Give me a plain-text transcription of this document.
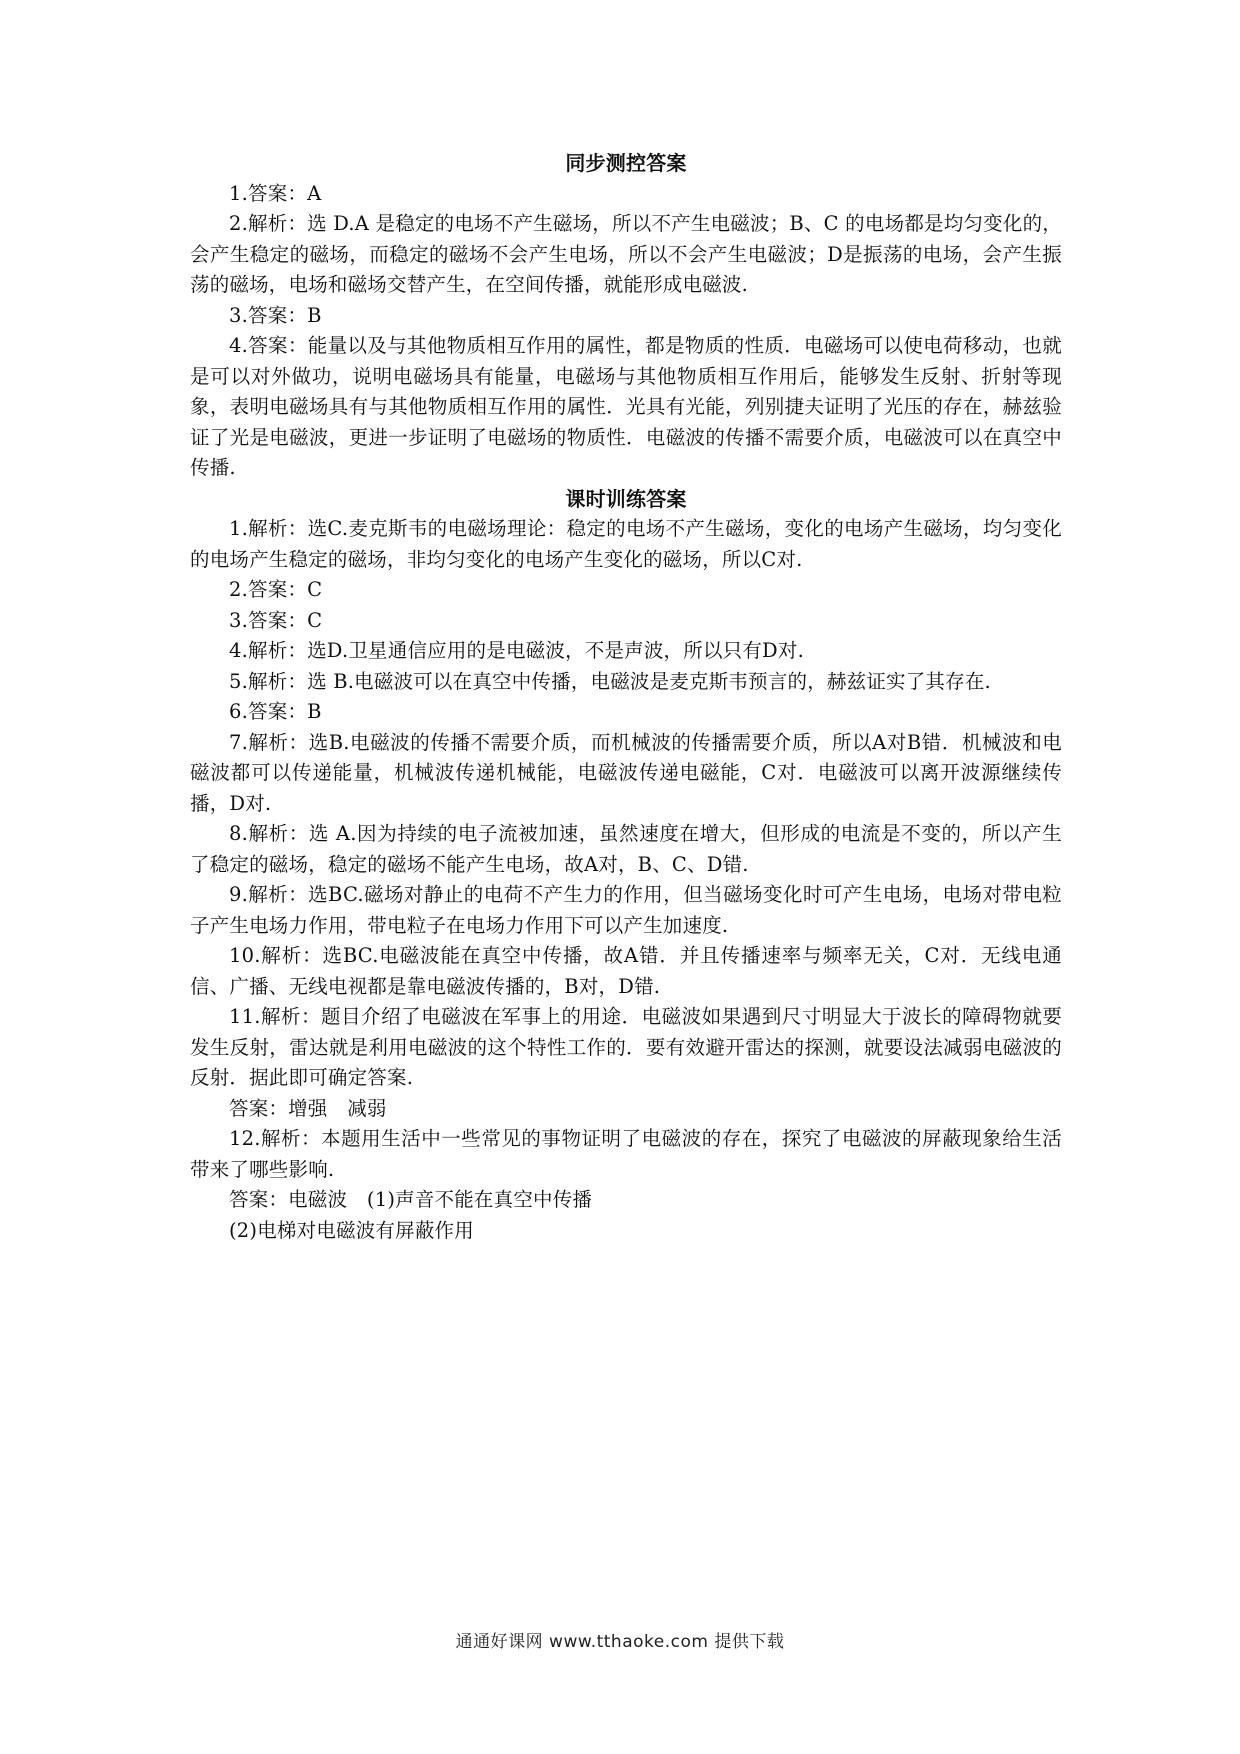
同步测控答案

1.答案：A

2.解析：选 D.A 是稳定的电场不产生磁场，所以不产生电磁波；B、C 的电场都是均匀变化的，会产生稳定的磁场，而稳定的磁场不会产生电场，所以不会产生电磁波；D是振荡的电场，会产生振荡的磁场，电场和磁场交替产生，在空间传播，就能形成电磁波.

3.答案：B

4.答案：能量以及与其他物质相互作用的属性，都是物质的性质．电磁场可以使电荷移动，也就是可以对外做功，说明电磁场具有能量，电磁场与其他物质相互作用后，能够发生反射、折射等现象，表明电磁场具有与其他物质相互作用的属性．光具有光能，列别捷夫证明了光压的存在，赫兹验证了光是电磁波，更进一步证明了电磁场的物质性．电磁波的传播不需要介质，电磁波可以在真空中传播.

课时训练答案

1.解析：选C.麦克斯韦的电磁场理论：稳定的电场不产生磁场，变化的电场产生磁场，均匀变化的电场产生稳定的磁场，非均匀变化的电场产生变化的磁场，所以C对.

2.答案：C

3.答案：C

4.解析：选D.卫星通信应用的是电磁波，不是声波，所以只有D对.

5.解析：选 B.电磁波可以在真空中传播，电磁波是麦克斯韦预言的，赫兹证实了其存在.

6.答案：B

7.解析：选B.电磁波的传播不需要介质，而机械波的传播需要介质，所以A对B错．机械波和电磁波都可以传递能量，机械波传递机械能，电磁波传递电磁能，C对．电磁波可以离开波源继续传播，D对.

8.解析：选 A.因为持续的电子流被加速，虽然速度在增大，但形成的电流是不变的，所以产生了稳定的磁场，稳定的磁场不能产生电场，故A对，B、C、D错.

9.解析：选BC.磁场对静止的电荷不产生力的作用，但当磁场变化时可产生电场，电场对带电粒子产生电场力作用，带电粒子在电场力作用下可以产生加速度.

10.解析：选BC.电磁波能在真空中传播，故A错．并且传播速率与频率无关，C对．无线电通信、广播、无线电视都是靠电磁波传播的，B对，D错.

11.解析：题目介绍了电磁波在军事上的用途．电磁波如果遇到尺寸明显大于波长的障碍物就要发生反射，雷达就是利用电磁波的这个特性工作的．要有效避开雷达的探测，就要设法减弱电磁波的反射．据此即可确定答案.

答案：增强　减弱

12.解析：本题用生活中一些常见的事物证明了电磁波的存在，探究了电磁波的屏蔽现象给生活带来了哪些影响.

答案：电磁波　(1)声音不能在真空中传播

(2)电梯对电磁波有屏蔽作用

通通好课网 www.tthaoke.com 提供下载
